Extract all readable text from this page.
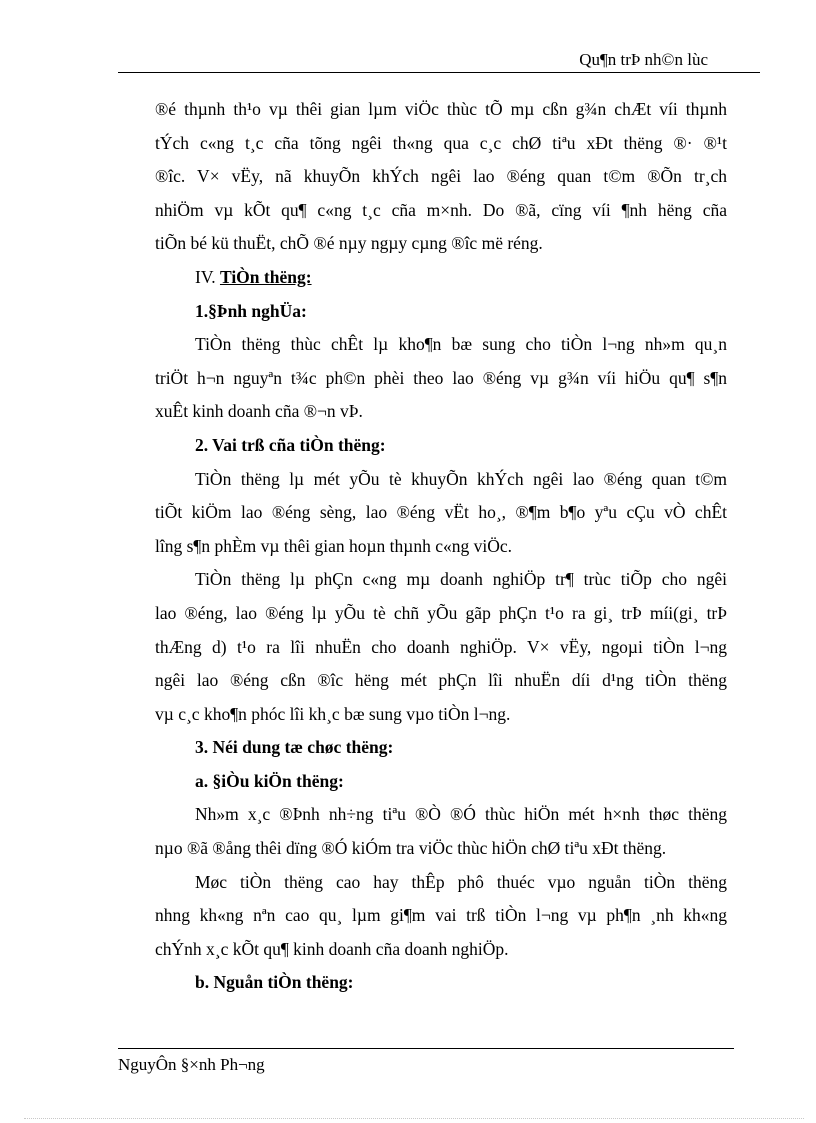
Qu¶n trÞ nh©n lùc
®é thµnh th¹o vµ thêi gian lµm viÖc thùc tÕ mµ cßn g¾n chÆt víi thµnh
tÝch c«ng t¸c cña tõng ngêi th«ng qua c¸c chØ tiªu xÐt thëng ®· ®¹t
®îc. V× vËy, nã khuyÕn khÝch ngêi lao ®éng quan t©m ®Õn tr¸ch
nhiÖm vµ kÕt qu¶ c«ng t¸c cña m×nh. Do ®ã, cïng víi ¶nh hëng cña
tiÕn bé kü thuËt, chÕ ®é nµy ngµy cµng ®îc më réng.
IV. TiÒn thëng:
1.§Þnh nghÜa:
TiÒn thëng thùc chÊt lµ kho¶n bæ sung cho tiÒn l¬ng nh»m qu¸n
triÖt h¬n nguyªn t¾c ph©n phèi theo lao ®éng vµ g¾n víi hiÖu qu¶ s¶n
xuÊt kinh doanh cña ®¬n vÞ.
2. Vai trß cña tiÒn thëng:
TiÒn thëng lµ mét yÕu tè khuyÕn khÝch ngêi lao ®éng quan t©m
tiÕt kiÖm lao ®éng sèng, lao ®éng vËt ho¸, ®¶m b¶o yªu cÇu vÒ chÊt
lîng s¶n phÈm vµ thêi gian hoµn thµnh c«ng viÖc.
TiÒn thëng lµ phÇn c«ng mµ doanh nghiÖp tr¶ trùc tiÕp cho ngêi
lao ®éng, lao ®éng lµ yÕu tè chñ yÕu gãp phÇn t¹o ra gi¸ trÞ míi(gi¸ trÞ
thÆng d) t¹o ra lîi nhuËn cho doanh nghiÖp. V× vËy, ngoµi tiÒn l¬ng
ngêi lao ®éng cßn ®îc hëng mét phÇn lîi nhuËn díi d¹ng tiÒn thëng
vµ c¸c kho¶n phóc lîi kh¸c bæ sung vµo tiÒn l¬ng.
3. Néi dung tæ chøc thëng:
a. §iÒu kiÖn thëng:
Nh»m x¸c ®Þnh nh÷ng tiªu ®Ò ®Ó thùc hiÖn mét h×nh thøc thëng
nµo ®ã ®ång thêi dïng ®Ó kiÓm tra viÖc thùc hiÖn chØ tiªu xÐt thëng.
Møc tiÒn thëng cao hay thÊp phô thuéc vµo nguån tiÒn thëng
nhng kh«ng nªn cao qu¸ lµm gi¶m vai trß tiÒn l¬ng vµ ph¶n ¸nh kh«ng
chÝnh x¸c kÕt qu¶ kinh doanh cña doanh nghiÖp.
b. Nguån tiÒn thëng:
NguyÔn §×nh Ph¬ng
